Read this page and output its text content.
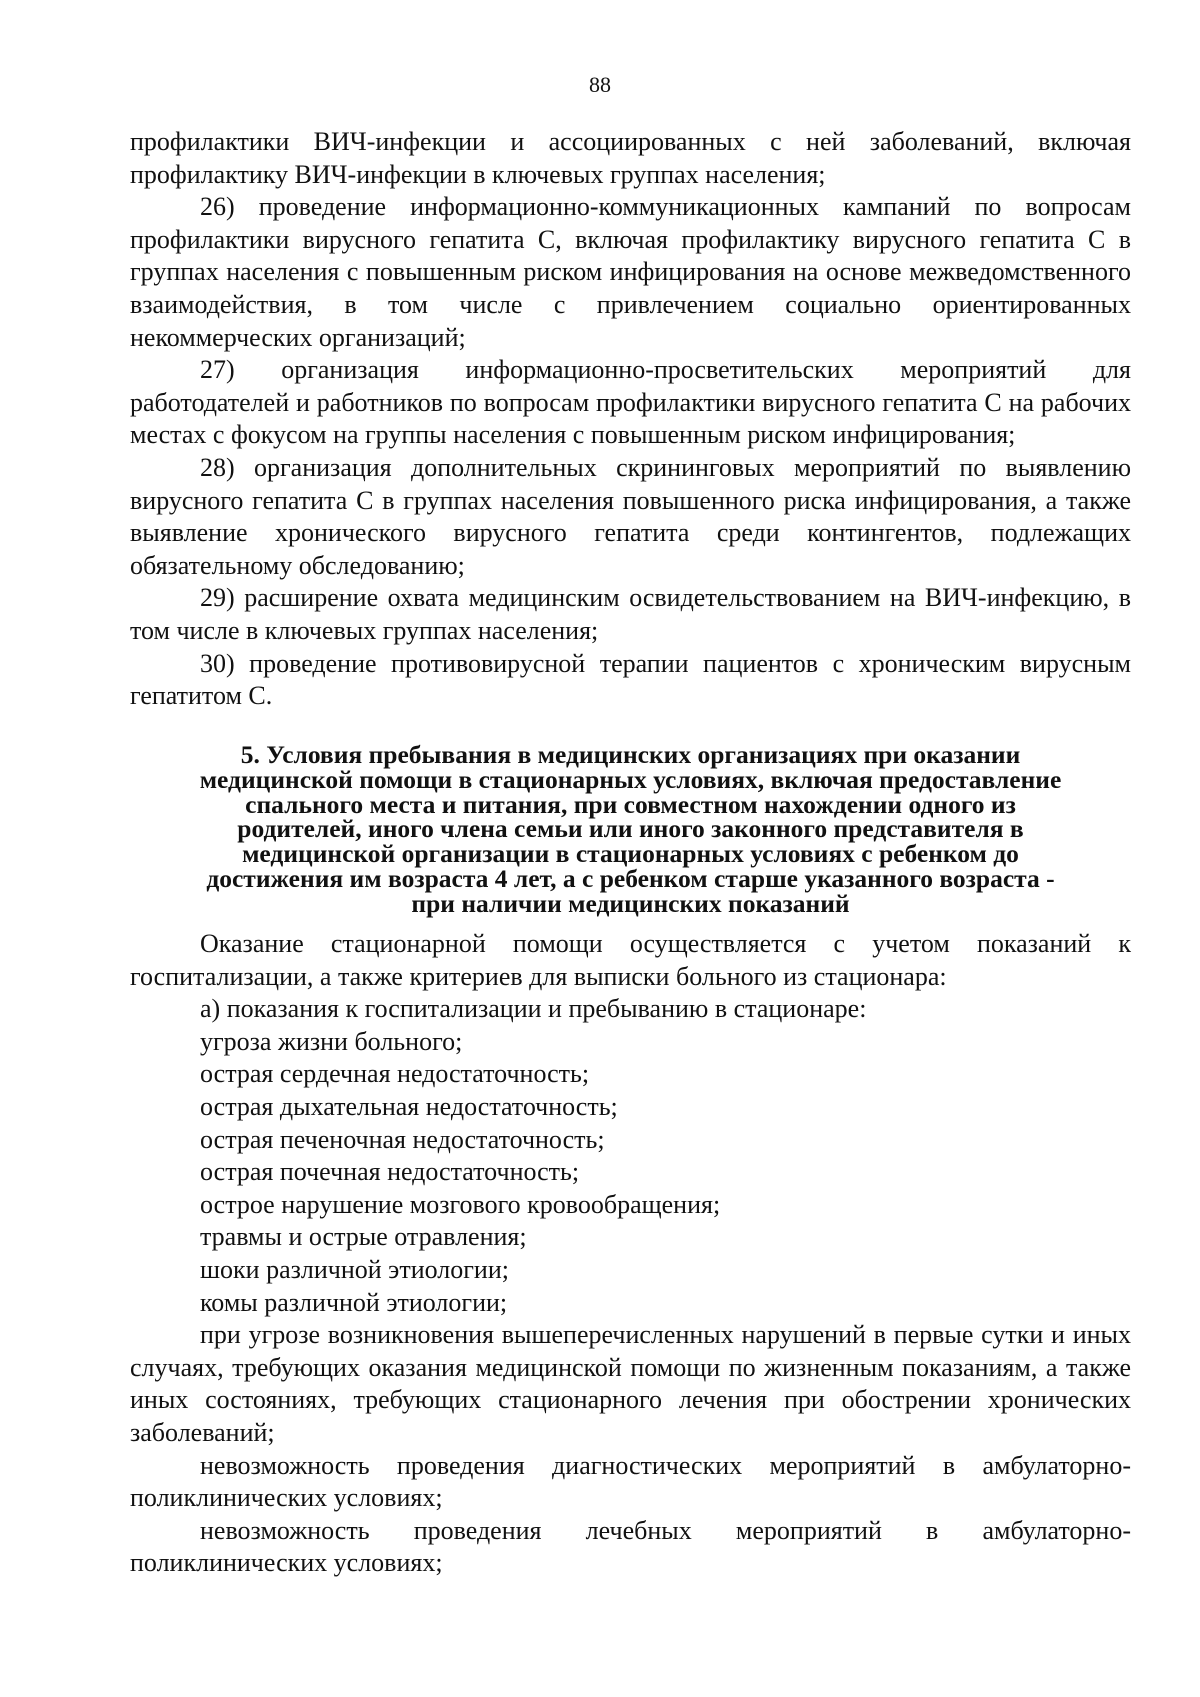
88

профилактики ВИЧ-инфекции и ассоциированных с ней заболеваний, включая профилактику ВИЧ-инфекции в ключевых группах населения;

26) проведение информационно-коммуникационных кампаний по вопросам профилактики вирусного гепатита С, включая профилактику вирусного гепатита С в группах населения с повышенным риском инфицирования на основе межведомственного взаимодействия, в том числе с привлечением социально ориентированных некоммерческих организаций;

27) организация информационно-просветительских мероприятий для работодателей и работников по вопросам профилактики вирусного гепатита С на рабочих местах с фокусом на группы населения с повышенным риском инфицирования;

28) организация дополнительных скрининговых мероприятий по выявлению вирусного гепатита С в группах населения повышенного риска инфицирования, а также выявление хронического вирусного гепатита среди контингентов, подлежащих обязательному обследованию;

29) расширение охвата медицинским освидетельствованием на ВИЧ-инфекцию, в том числе в ключевых группах населения;

30) проведение противовирусной терапии пациентов с хроническим вирусным гепатитом С.

5. Условия пребывания в медицинских организациях при оказании
медицинской помощи в стационарных условиях, включая предоставление
спального места и питания, при совместном нахождении одного из
родителей, иного члена семьи или иного законного представителя в
медицинской организации в стационарных условиях с ребенком до
достижения им возраста 4 лет, а с ребенком старше указанного возраста -
при наличии медицинских показаний

Оказание стационарной помощи осуществляется с учетом показаний к госпитализации, а также критериев для выписки больного из стационара:

а) показания к госпитализации и пребыванию в стационаре:

угроза жизни больного;

острая сердечная недостаточность;

острая дыхательная недостаточность;

острая печеночная недостаточность;

острая почечная недостаточность;

острое нарушение мозгового кровообращения;

травмы и острые отравления;

шоки различной этиологии;

комы различной этиологии;

при угрозе возникновения вышеперечисленных нарушений в первые сутки и иных случаях, требующих оказания медицинской помощи по жизненным показаниям, а также иных состояниях, требующих стационарного лечения при обострении хронических заболеваний;

невозможность проведения диагностических мероприятий в амбулаторно-поликлинических условиях;

невозможность проведения лечебных мероприятий в амбулаторно-поликлинических условиях;
